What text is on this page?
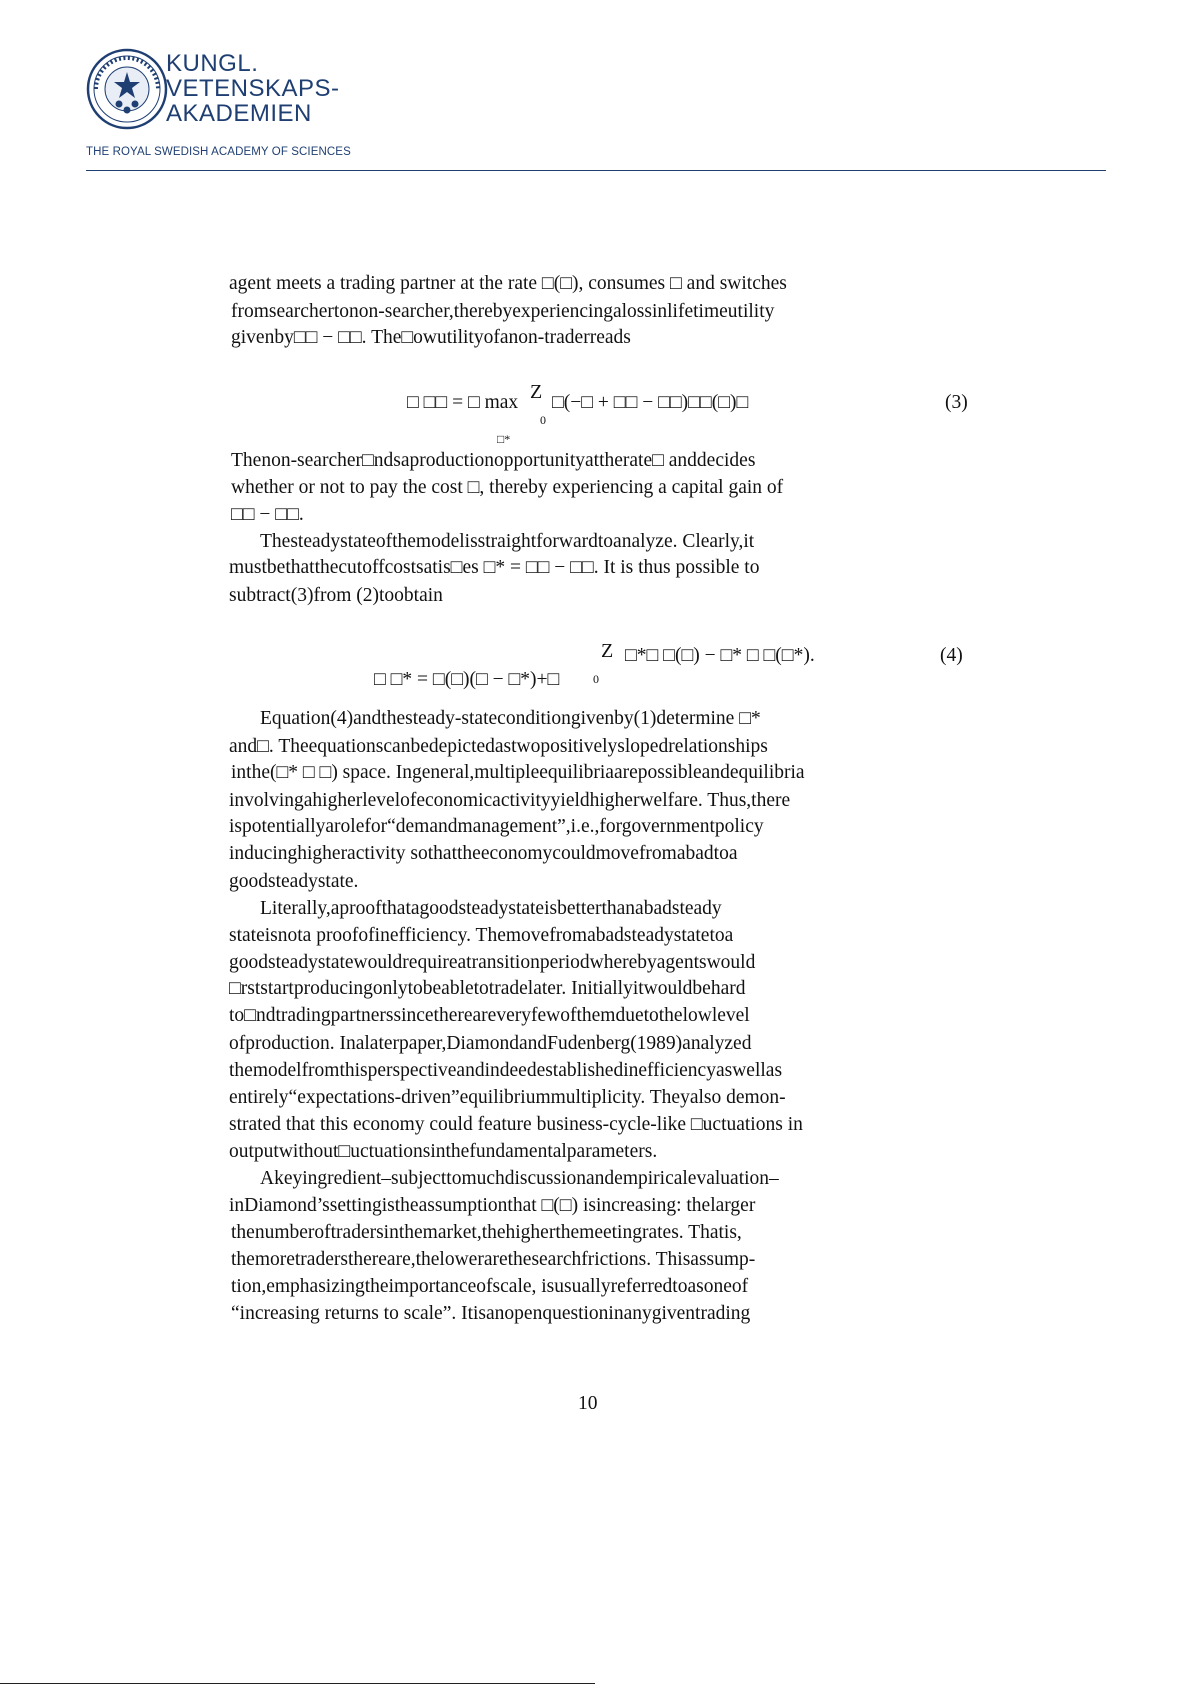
KUNGL.
VETENSKAPS-
AKADEMIEN
THE ROYAL SWEDISH ACADEMY OF SCIENCES
agent meets a trading partner at the rate □(□), consumes □ and switches
fromsearchertonon-searcher,therebyexperiencingalossinlifetimeutility
givenby□□ − □□. The□owutilityofanon-traderreads
□ □□ = □ max Z
0
□(−□ + □□ − □□)□□(□)□
□*
(3)
Thenon-searcher□ndsaproductionopportunityattherate□ anddecides
whether or not to pay the cost □, thereby experiencing a capital gain of
□□ − □□.
Thesteadystateofthemodelisstraightforwardtoanalyze. Clearly,it
mustbethatthecutoffcostsatis□es □* = □□ − □□. It is thus possible to
subtract(3)from (2)toobtain
Z □*□ □(□) − □* □ □(□*).
□ □* = □(□)(□ − □*)+□	0
(4)
Equation(4)andthesteady-stateconditiongivenby(1)determine □*
and□. Theequationscanbedepictedastwopositivelyslopedrelationships
inthe(□* □ □) space. Ingeneral,multipleequilibriaarepossibleandequilibria
involvingahigherlevelofeconomicactivityyieldhigherwelfare. Thus,there
ispotentiallyarolefor“demandmanagement”,i.e.,forgovernmentpolicy
inducinghigheractivity sothattheeconomycouldmovefromabadtoa
goodsteadystate.
Literally,aproofthatagoodsteadystateisbetterthanabadsteady
stateisnota proofofinefficiency. Themovefromabadsteadystatetoa
goodsteadystatewouldrequireatransitionperiodwherebyagentswould
□rststartproducingonlytobeabletotradelater. Initiallyitwouldbehard
to□ndtradingpartnerssincethereareveryfewofthemduetothelowlevel
ofproduction. Inalaterpaper,DiamondandFudenberg(1989)analyzed
themodelfromthisperspectiveandindeedestablishedinefficiencyaswellas
entirely“expectations-driven”equilibriummultiplicity. Theyalso demon-
strated that this economy could feature business-cycle-like □uctuations in
outputwithout□uctuationsinthefundamentalparameters.
Akeyingredient–subjecttomuchdiscussionandempiricalevaluation–
inDiamond’ssettingistheassumptionthat □(□) isincreasing: thelarger
thenumberoftradersinthemarket,thehigherthemeetingrates. Thatis,
themoretradersthereare,thelowerarethesearchfrictions. Thisassump-
tion,emphasizingtheimportanceofscale, isusuallyreferredtoasoneof
“increasing returns to scale”. Itisanopenquestioninanygiventrading
10
